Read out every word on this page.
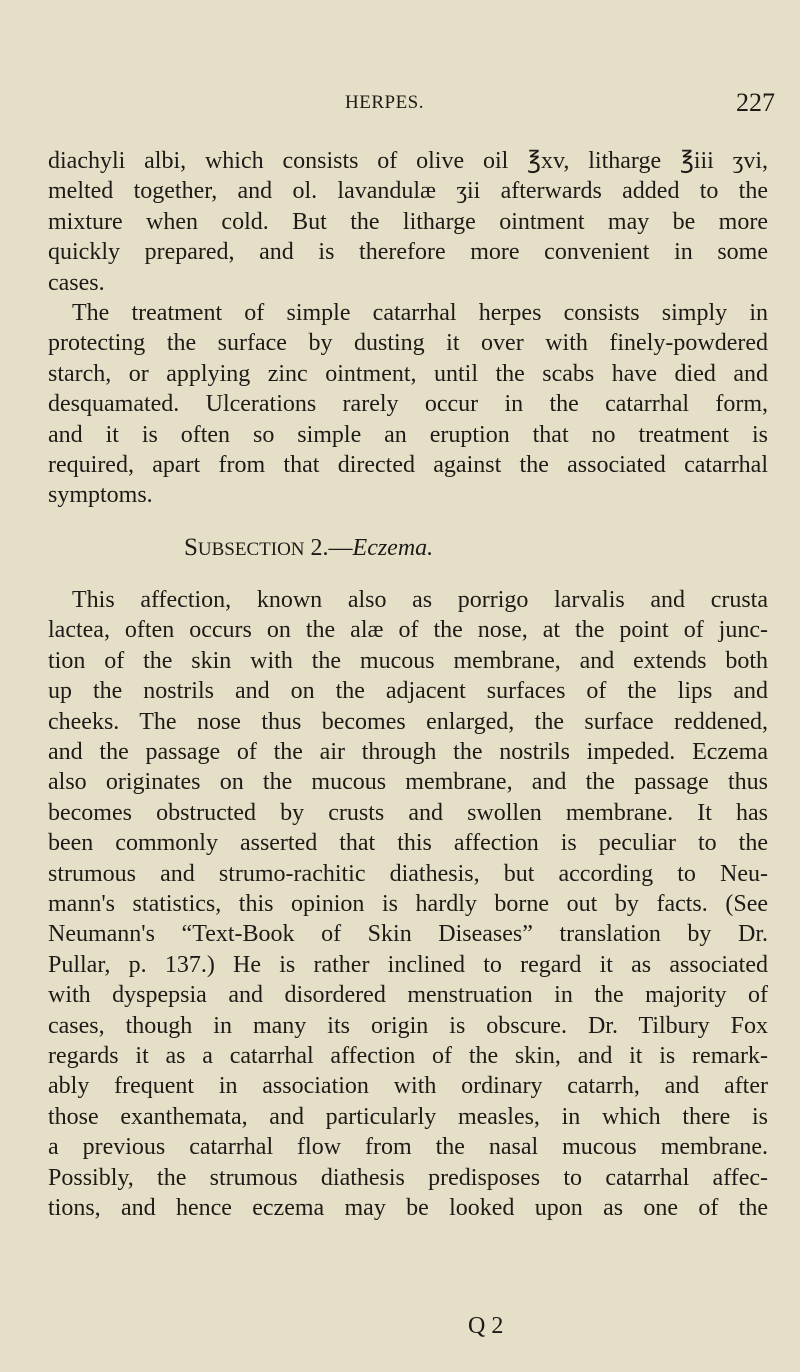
HERPES.	227
diachyli albi, which consists of olive oil ℥xv, litharge ℥iii ʒvi,
melted together, and ol. lavandulæ ʒii afterwards added to the
mixture when cold. But the litharge ointment may be more
quickly prepared, and is therefore more convenient in some
cases.
The treatment of simple catarrhal herpes consists simply in
protecting the surface by dusting it over with finely-powdered
starch, or applying zinc ointment, until the scabs have died and
desquamated. Ulcerations rarely occur in the catarrhal form,
and it is often so simple an eruption that no treatment is
required, apart from that directed against the associated catarrhal
symptoms.
SUBSECTION 2.—Eczema.
This affection, known also as porrigo larvalis and crusta
lactea, often occurs on the alæ of the nose, at the point of junc-
tion of the skin with the mucous membrane, and extends both
up the nostrils and on the adjacent surfaces of the lips and
cheeks. The nose thus becomes enlarged, the surface reddened,
and the passage of the air through the nostrils impeded. Eczema
also originates on the mucous membrane, and the passage thus
becomes obstructed by crusts and swollen membrane. It has
been commonly asserted that this affection is peculiar to the
strumous and strumo-rachitic diathesis, but according to Neu-
mann's statistics, this opinion is hardly borne out by facts. (See
Neumann's “Text-Book of Skin Diseases” translation by Dr.
Pullar, p. 137.) He is rather inclined to regard it as associated
with dyspepsia and disordered menstruation in the majority of
cases, though in many its origin is obscure. Dr. Tilbury Fox
regards it as a catarrhal affection of the skin, and it is remark-
ably frequent in association with ordinary catarrh, and after
those exanthemata, and particularly measles, in which there is
a previous catarrhal flow from the nasal mucous membrane.
Possibly, the strumous diathesis predisposes to catarrhal affec-
tions, and hence eczema may be looked upon as one of the
Q 2
